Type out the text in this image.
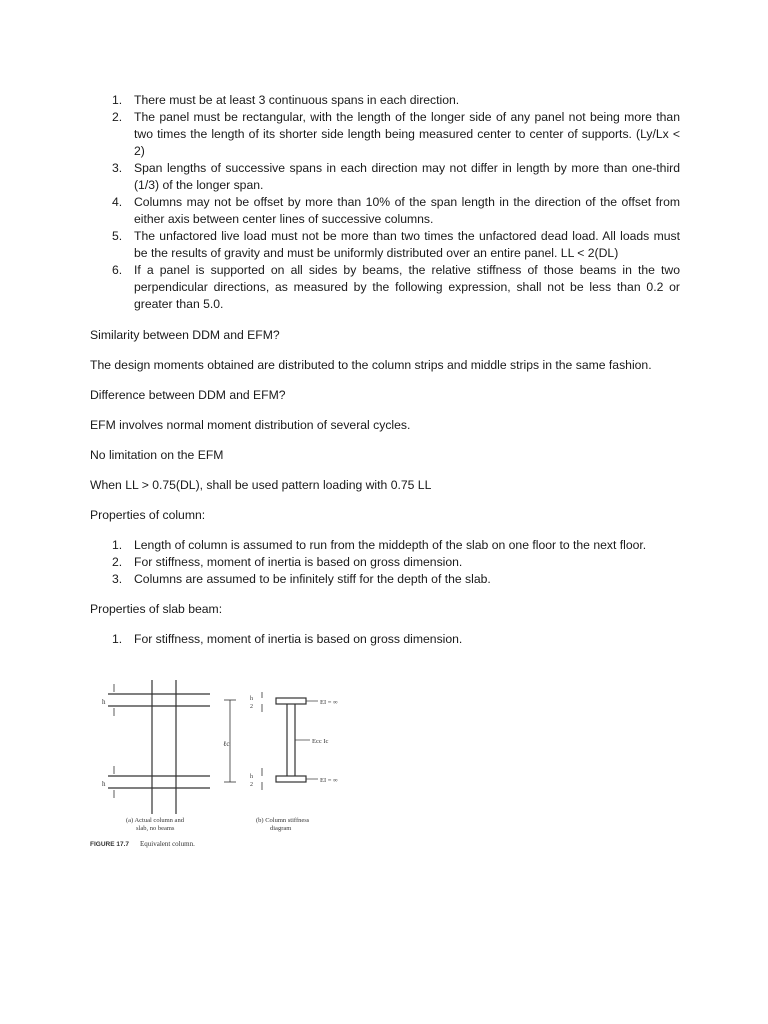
1. There must be at least 3 continuous spans in each direction.
2. The panel must be rectangular, with the length of the longer side of any panel not being more than two times the length of its shorter side length being measured center to center of supports. (Ly/Lx < 2)
3. Span lengths of successive spans in each direction may not differ in length by more than one-third (1/3) of the longer span.
4. Columns may not be offset by more than 10% of the span length in the direction of the offset from either axis between center lines of successive columns.
5. The unfactored live load must not be more than two times the unfactored dead load. All loads must be the results of gravity and must be uniformly distributed over an entire panel. LL < 2(DL)
6. If a panel is supported on all sides by beams, the relative stiffness of those beams in the two perpendicular directions, as measured by the following expression, shall not be less than 0.2 or greater than 5.0.

Similarity between DDM and EFM?

The design moments obtained are distributed to the column strips and middle strips in the same fashion.

Difference between DDM and EFM?

EFM involves normal moment distribution of several cycles.

No limitation on the EFM

When LL > 0.75(DL), shall be used pattern loading with 0.75 LL

Properties of column:

1. Length of column is assumed to run from the middepth of the slab on one floor to the next floor.
2. For stiffness, moment of inertia is based on gross dimension.
3. Columns are assumed to be infinitely stiff for the depth of the slab.

Properties of slab beam:

1. For stiffness, moment of inertia is based on gross dimension.
h
h
ℓc
h
2
h
2
EI = ∞
EI = ∞
Ecc Ic
(a) Actual column and
slab, no beams
(b) Column stiffness
diagram
FIGURE 17.7 Equivalent column.
